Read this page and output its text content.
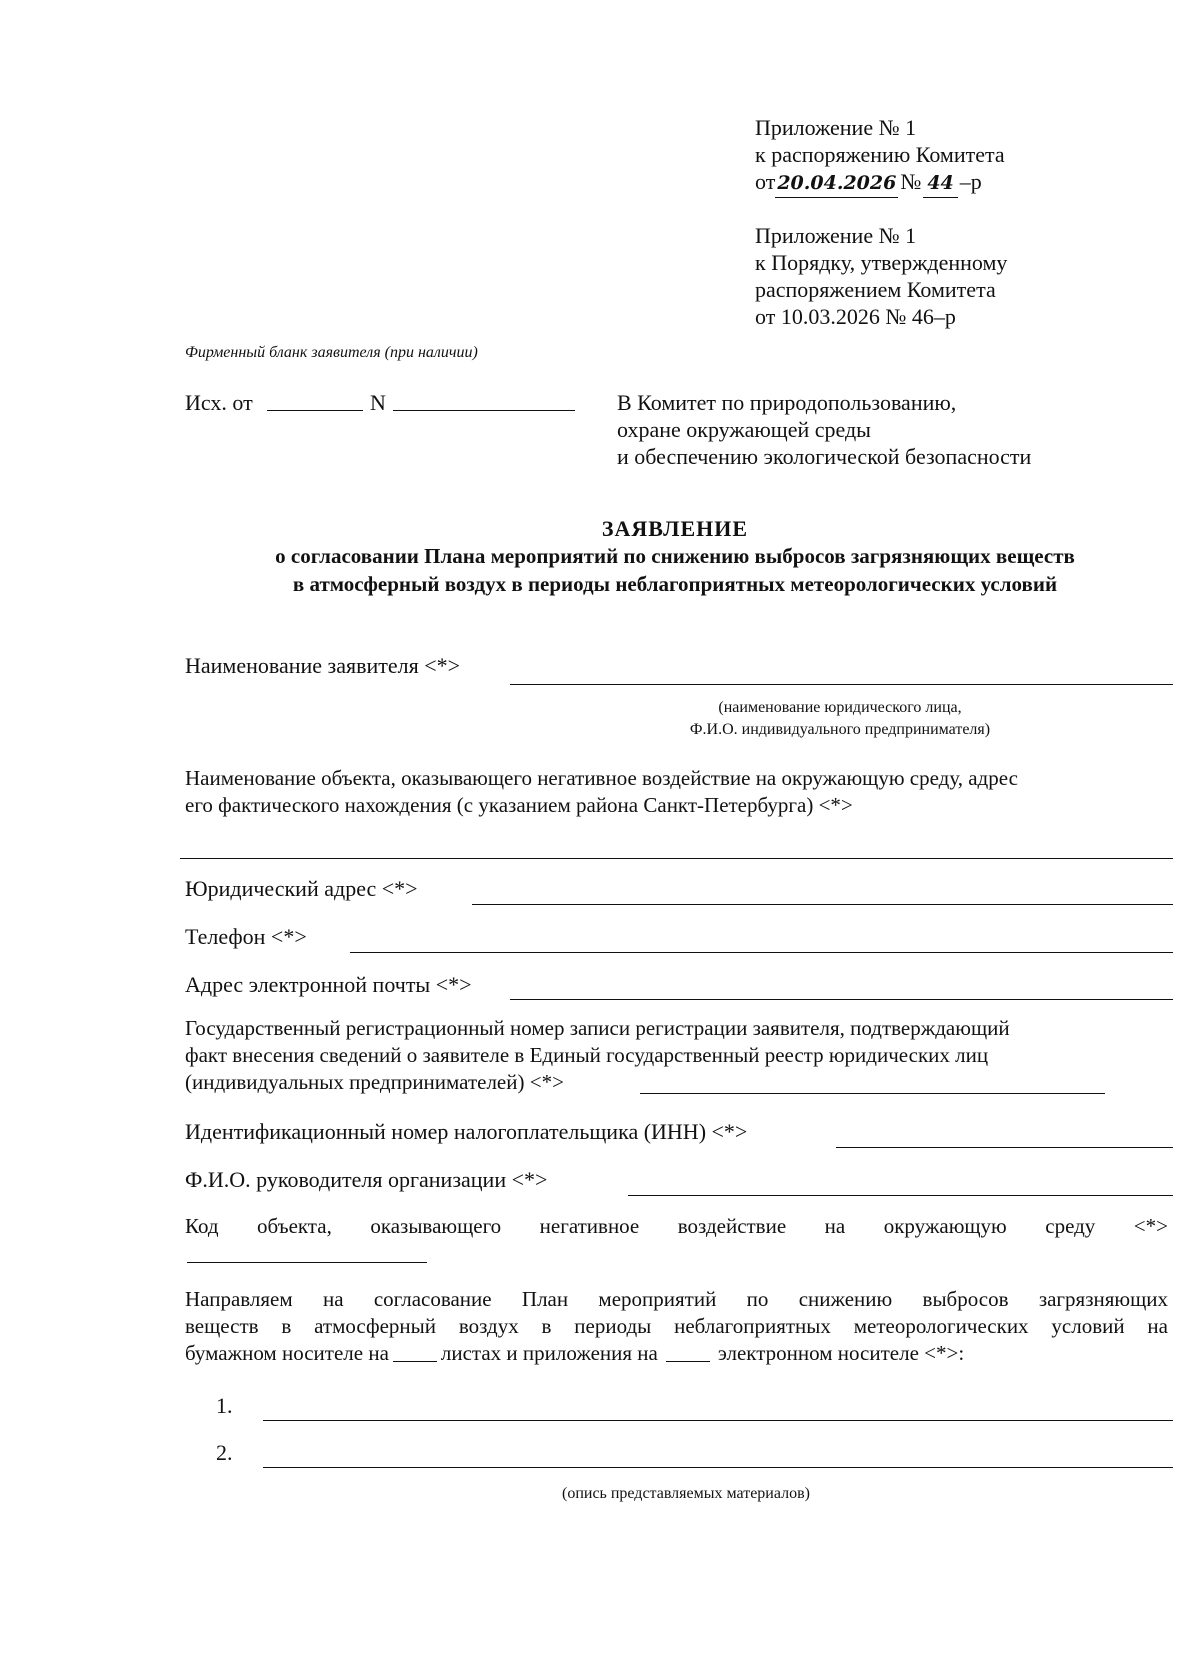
Приложение № 1
к распоряжению Комитета
от 20.04.2026 № 44 –р
Приложение № 1
к Порядку, утвержденному
распоряжением Комитета
от 10.03.2026 № 46–р
Фирменный бланк заявителя (при наличии)
Исх. от	N	В Комитет по природопользованию,
охране окружающей среды
и обеспечению экологической безопасности
ЗАЯВЛЕНИЕ
о согласовании Плана мероприятий по снижению выбросов загрязняющих веществ
в атмосферный воздух в периоды неблагоприятных метеорологических условий
Наименование заявителя <*>
(наименование юридического лица,
Ф.И.О. индивидуального предпринимателя)
Наименование объекта, оказывающего негативное воздействие на окружающую среду, адрес
его фактического нахождения (с указанием района Санкт-Петербурга) <*>
Юридический адрес <*>
Телефон <*>
Адрес электронной почты <*>
Государственный регистрационный номер записи регистрации заявителя, подтверждающий
факт внесения сведений о заявителе в Единый государственный реестр юридических лиц
(индивидуальных предпринимателей) <*>
Идентификационный номер налогоплательщика (ИНН) <*>
Ф.И.О. руководителя организации <*>
Код объекта, оказывающего негативное воздействие на окружающую среду <*>
Направляем на согласование План мероприятий по снижению выбросов загрязняющих
веществ в атмосферный воздух в периоды неблагоприятных метеорологических условий на
бумажном носителе на листах и приложения на	электронном носителе <*>:
1.
2.
(опись представляемых материалов)
